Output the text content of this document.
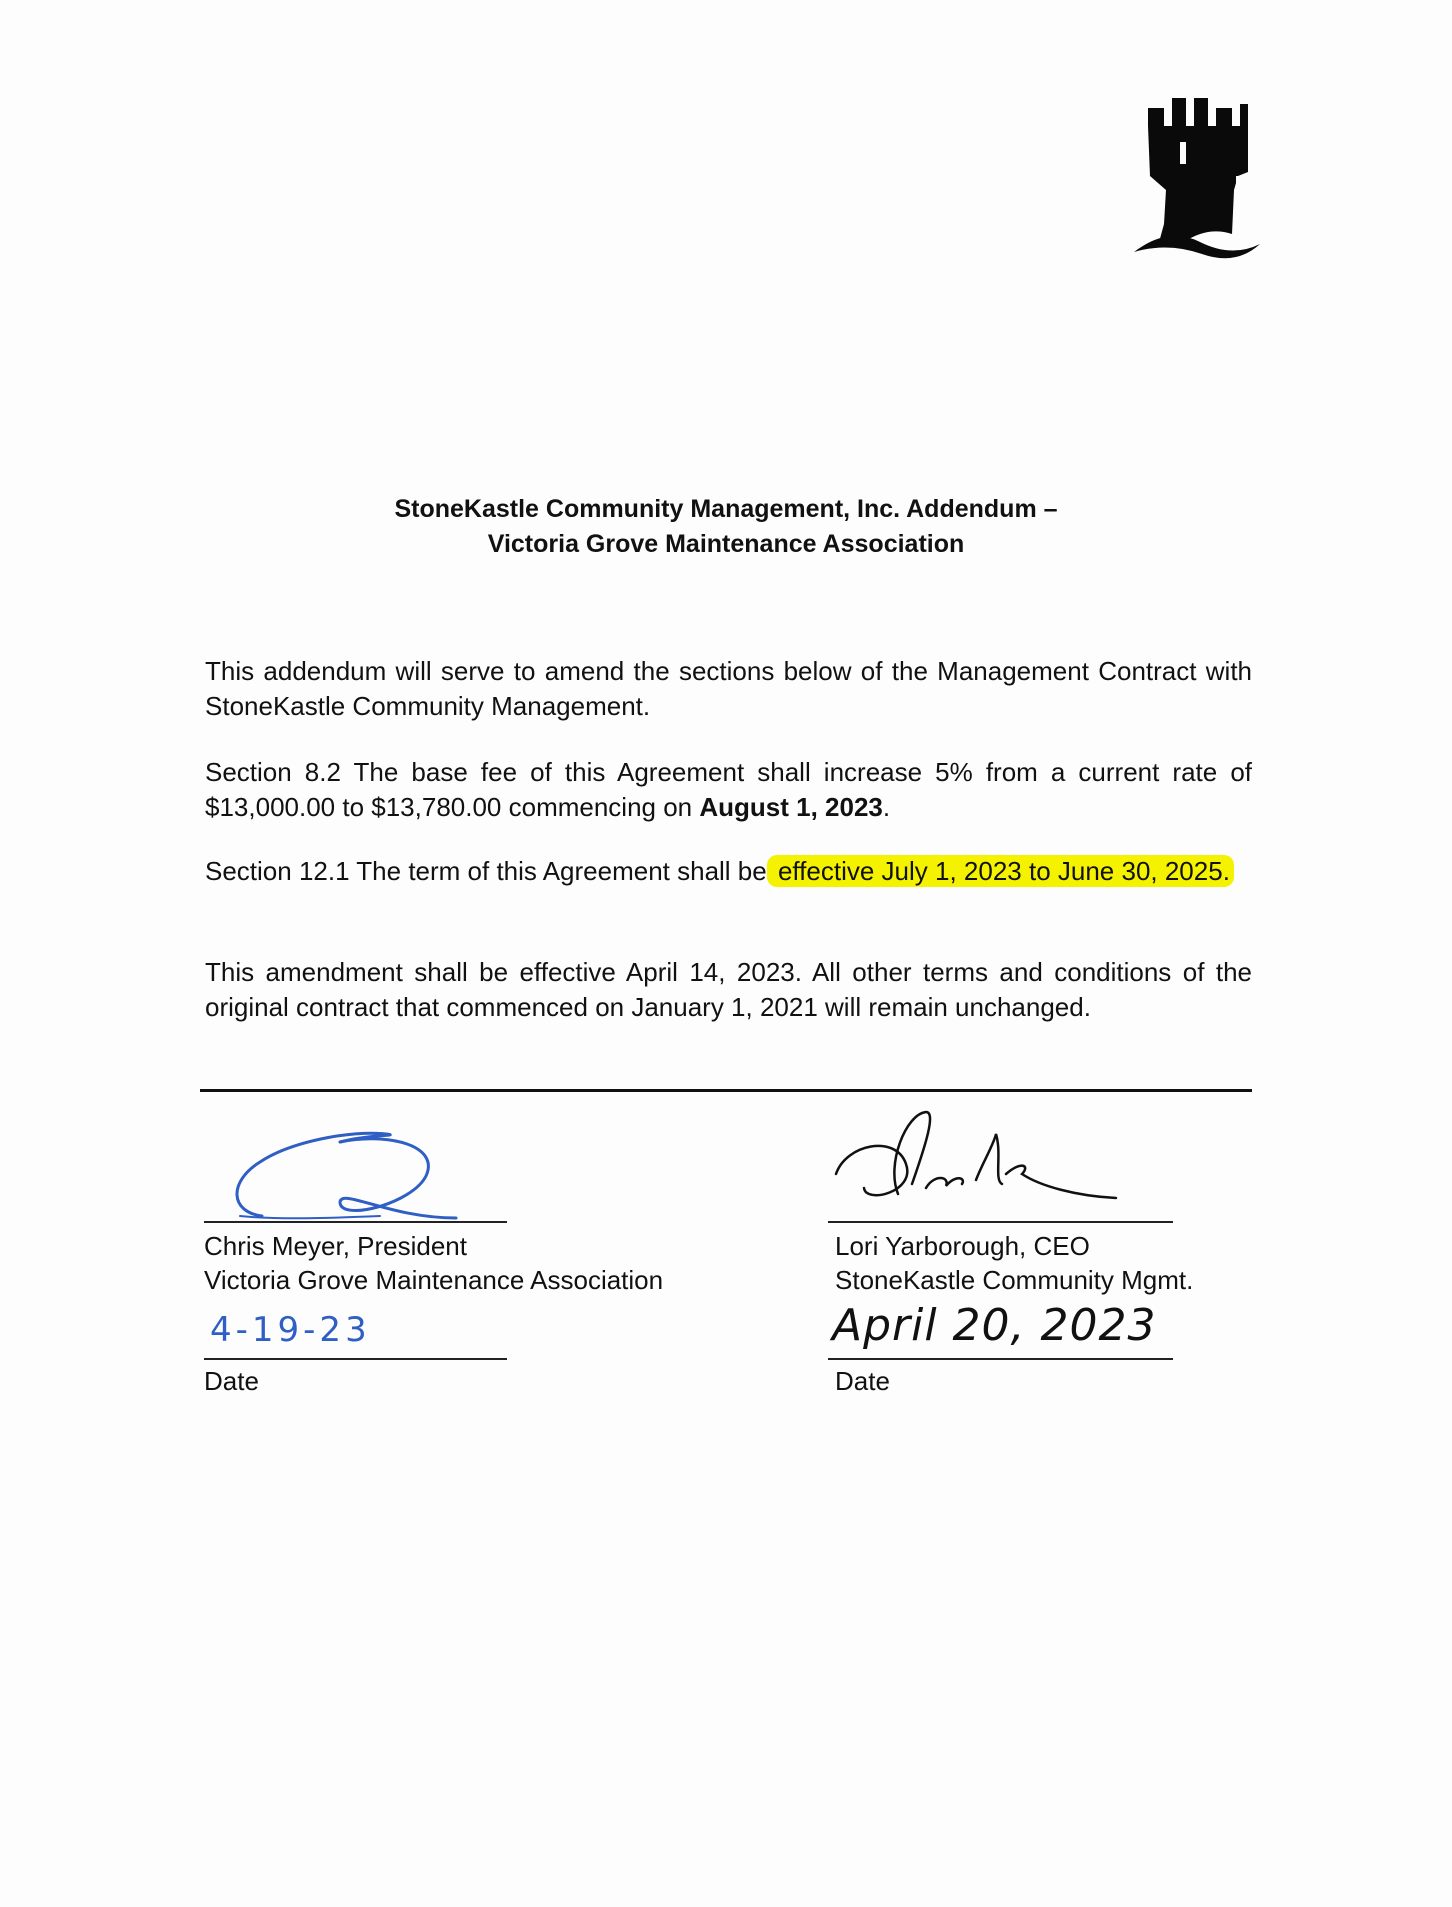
StoneKastle Community Management, Inc. Addendum –
Victoria Grove Maintenance Association
This addendum will serve to amend the sections below of the Management Contract with StoneKastle Community Management.
Section 8.2 The base fee of this Agreement shall increase 5% from a current rate of $13,000.00 to $13,780.00 commencing on August 1, 2023.
Section 12.1 The term of this Agreement shall be effective July 1, 2023 to June 30, 2025.
This amendment shall be effective April 14, 2023. All other terms and conditions of the original contract that commenced on January 1, 2021 will remain unchanged.
Chris Meyer, President
Victoria Grove Maintenance Association
4-19-23
Date
Lori Yarborough, CEO
StoneKastle Community Mgmt.
April 20, 2023
Date
